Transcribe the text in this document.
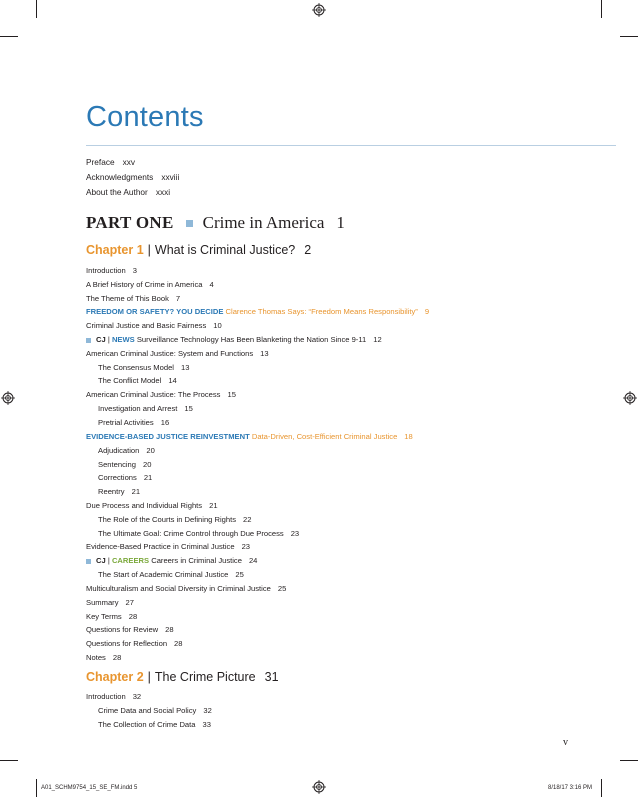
Contents
Preface xxv
Acknowledgments xxviii
About the Author xxxi
PART ONE Crime in America 1
Chapter 1 | What is Criminal Justice? 2
Introduction 3
A Brief History of Crime in America 4
The Theme of This Book 7
FREEDOM OR SAFETY? YOU DECIDE Clarence Thomas Says: “Freedom Means Responsibility” 9
Criminal Justice and Basic Fairness 10
CJ | NEWS Surveillance Technology Has Been Blanketing the Nation Since 9-11 12
American Criminal Justice: System and Functions 13
The Consensus Model 13
The Conflict Model 14
American Criminal Justice: The Process 15
Investigation and Arrest 15
Pretrial Activities 16
EVIDENCE-BASED JUSTICE REINVESTMENT Data-Driven, Cost-Efficient Criminal Justice 18
Adjudication 20
Sentencing 20
Corrections 21
Reentry 21
Due Process and Individual Rights 21
The Role of the Courts in Defining Rights 22
The Ultimate Goal: Crime Control through Due Process 23
Evidence-Based Practice in Criminal Justice 23
CJ | CAREERS Careers in Criminal Justice 24
The Start of Academic Criminal Justice 25
Multiculturalism and Social Diversity in Criminal Justice 25
Summary 27
Key Terms 28
Questions for Review 28
Questions for Reflection 28
Notes 28
Chapter 2 | The Crime Picture 31
Introduction 32
Crime Data and Social Policy 32
The Collection of Crime Data 33
v
A01_SCHM9754_15_SE_FM.indd 5	8/18/17 3:16 PM
